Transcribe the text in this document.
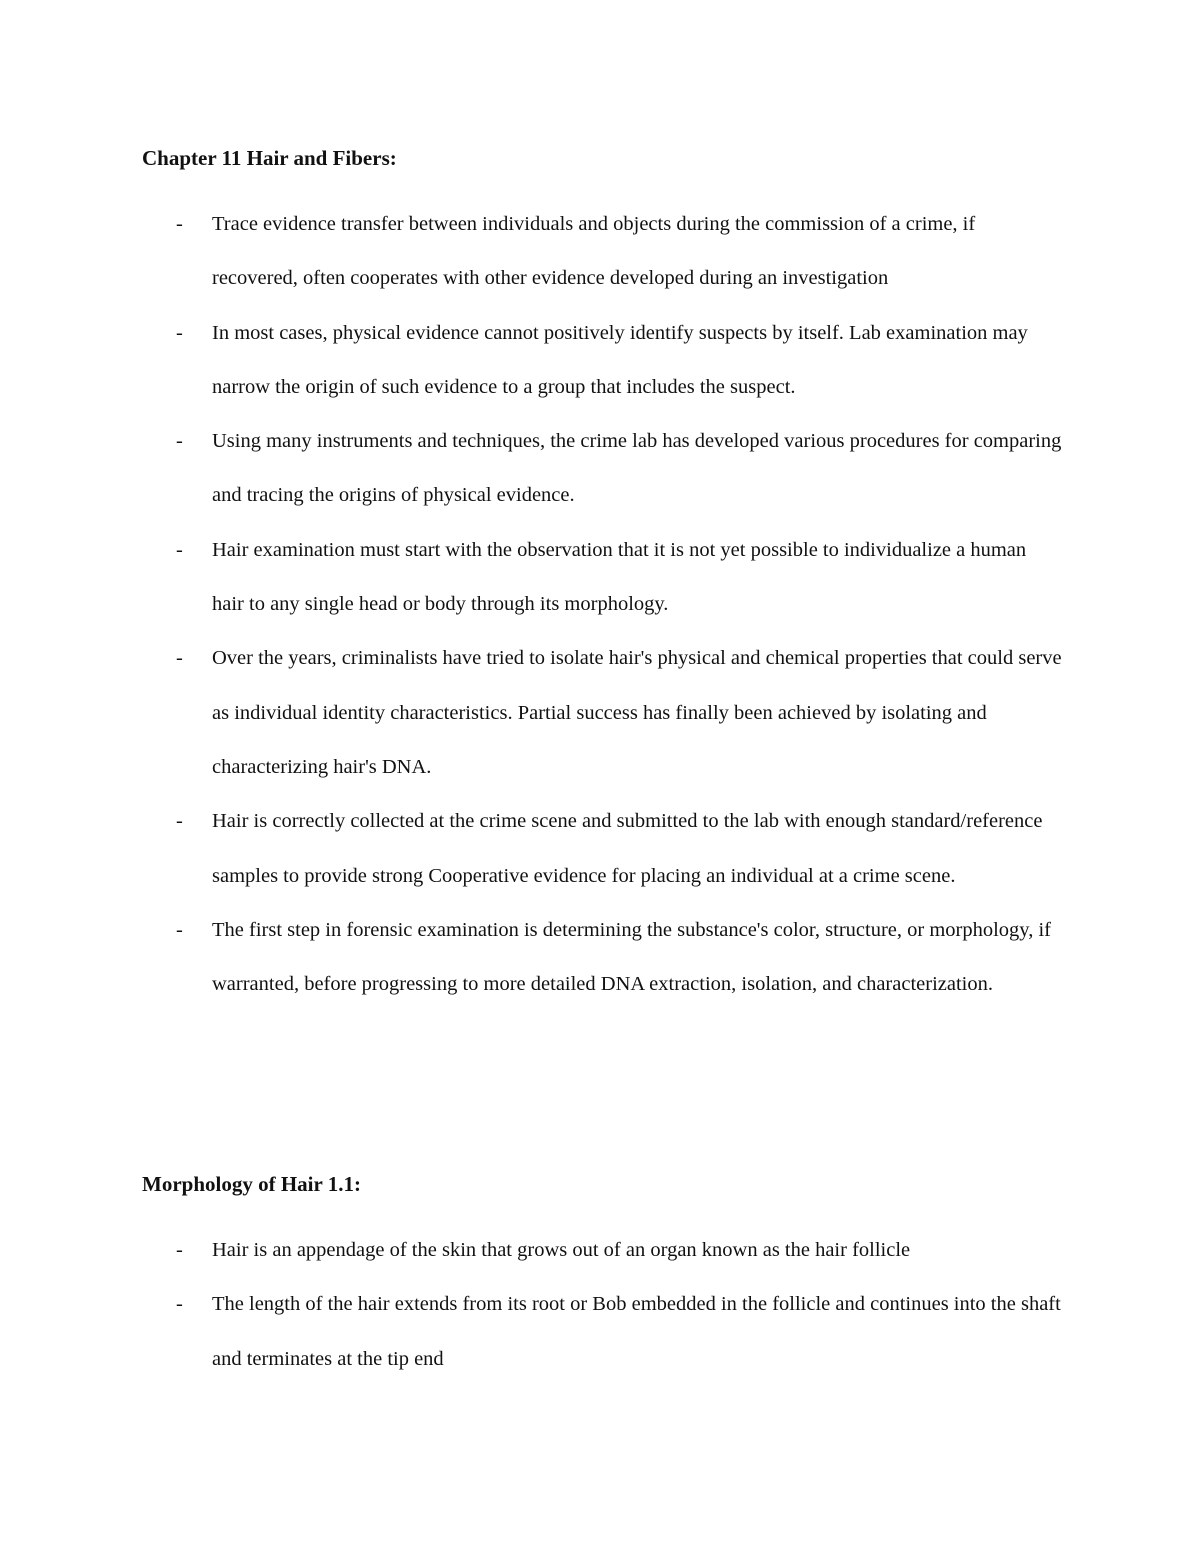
Chapter 11 Hair and Fibers:
- Trace evidence transfer between individuals and objects during the commission of a crime, if recovered, often cooperates with other evidence developed during an investigation
- In most cases, physical evidence cannot positively identify suspects by itself. Lab examination may narrow the origin of such evidence to a group that includes the suspect.
- Using many instruments and techniques, the crime lab has developed various procedures for comparing and tracing the origins of physical evidence.
- Hair examination must start with the observation that it is not yet possible to individualize a human hair to any single head or body through its morphology.
- Over the years, criminalists have tried to isolate hair's physical and chemical properties that could serve as individual identity characteristics. Partial success has finally been achieved by isolating and characterizing hair's DNA.
- Hair is correctly collected at the crime scene and submitted to the lab with enough standard/reference samples to provide strong Cooperative evidence for placing an individual at a crime scene.
- The first step in forensic examination is determining the substance's color, structure, or morphology, if warranted, before progressing to more detailed DNA extraction, isolation, and characterization.
Morphology of Hair 1.1:
- Hair is an appendage of the skin that grows out of an organ known as the hair follicle
- The length of the hair extends from its root or Bob embedded in the follicle and continues into the shaft and terminates at the tip end
